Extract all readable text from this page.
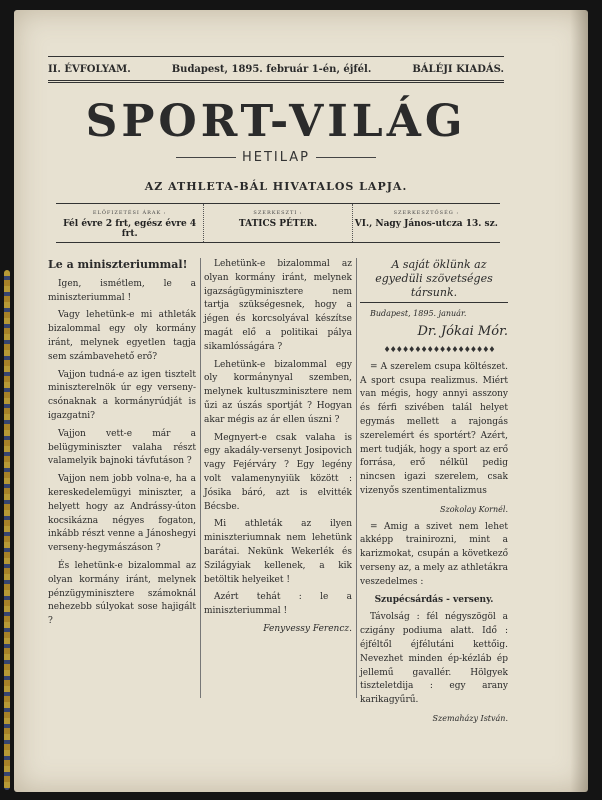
II. ÉVFOLYAM.	Budapest, 1895. február 1-én, éjfél.	BÁLÉJI KIADÁS.
SPORT-VILÁG
HETILAP
AZ ATHLETA-BÁL HIVATALOS LAPJA.
ELŐFIZETÉSI ÁRAK :
Fél évre 2 frt, egész évre 4 frt.
SZERKESZTI :
TATICS PÉTER.
SZERKESZTŐSÉG :
VI., Nagy János-utcza 13. sz.

Le a miniszteriummal!

Igen, ismétlem, le a miniszteriummal !

Vagy lehetünk-e mi athleták bizalommal egy oly kormány iránt, melynek egyetlen tagja sem számbavehető erő?

Vajjon tudná-e az igen tisztelt miniszterelnök úr egy verseny-csónaknak a kormányrúdját is igazgatni?

Vajjon vett-e már a belügyminiszter valaha részt valamelyik bajnoki távfutáson ?

Vajjon nem jobb volna-e, ha a kereskedelemügyi miniszter, a helyett hogy az Andrássy-úton kocsikázna négyes fogaton, inkább részt venne a Jánoshegyi verseny-hegymászáson ?

És lehetünk-e bizalommal az olyan kormány iránt, melynek pénzügyminisztere számoknál nehezebb súlyokat sose hajigált ?

Lehetünk-e bizalommal az olyan kormány iránt, melynek igazságügyminisztere nem tartja szükségesnek, hogy a jégen és korcsolyával készítse magát elő a politikai pálya sikamlósságára ?

Lehetünk-e bizalommal egy oly kormánynyal szemben, melynek kultuszminisztere nem űzi az úszás sportját ? Hogyan akar mégis az ár ellen úszni ?

Megnyert-e csak valaha is egy akadály-versenyt Josipovich vagy Fejérváry ? Egy legény volt valamenynyiük között : Jósika báró, azt is elvitték Bécsbe.

Mi athleták az ilyen miniszteriumnak nem lehetünk barátai. Nekünk Wekerlék és Szilágyiak kellenek, a kik betöltik helyeiket !

Azért tehát : le a miniszteriummal !

Fenyvessy Ferencz.

A saját öklünk az egyedüli szövetséges társunk.

Budapest, 1895. január.

Dr. Jókai Mór.

♦♦♦♦♦♦♦♦♦♦♦♦♦♦♦♦♦♦

= A szerelem csupa költészet. A sport csupa realizmus. Miért van mégis, hogy annyi asszony és férfi szivében talál helyet egymás mellett a rajongás szerelemért és sportért? Azért, mert tudják, hogy a sport az erő forrása, erő nélkül pedig nincsen igazi szerelem, csak vizenyős szentimentalizmus

Szokolay Kornél.

= Amig a szivet nem lehet akképp trainirozni, mint a karizmokat, csupán a következő verseny az, a mely az athletákra veszedelmes :

Szupécsárdás - verseny.

Távolság : fél négyszögöl a czigány podiuma alatt. Idő : éjféltől éjfélutáni kettőig. Nevezhet minden ép-kézláb ép jellemű gavallér. Hölgyek tiszteletdija : egy arany karikagyűrű.

Szemaházy István.
